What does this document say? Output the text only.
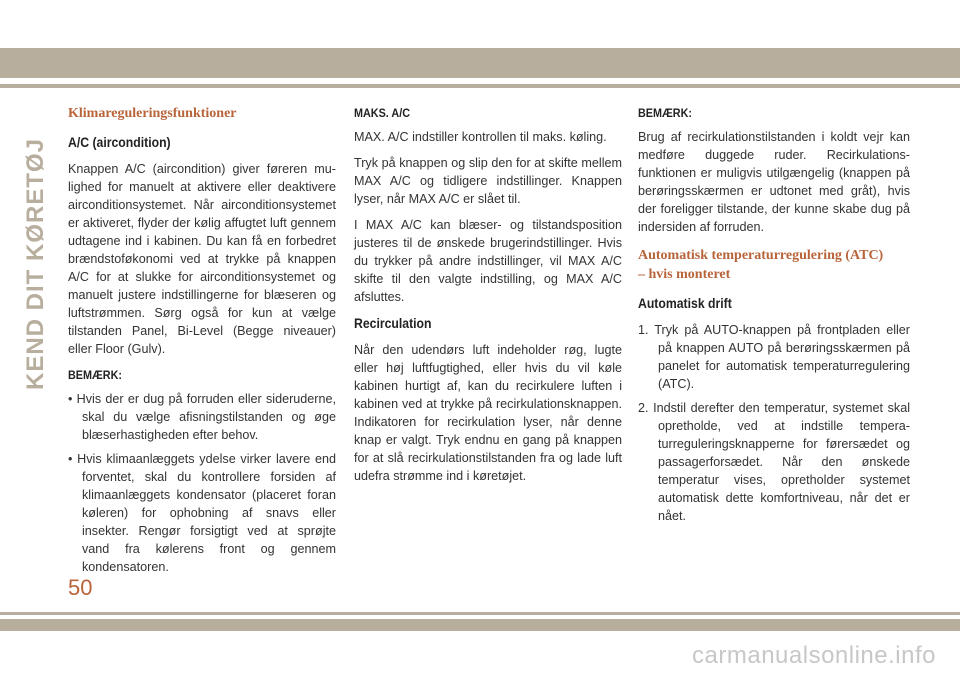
KEND DIT KØRETØJ
Klimareguleringsfunktioner
A/C (aircondition)

Knappen A/C (aircondition) giver føreren mulighed for manuelt at aktivere eller deaktivere airconditionsystemet. Når airconditionsystemet er aktiveret, flyder der kølig affugtet luft gennem udtagene ind i kabinen. Du kan få en forbedret brændstoføkonomi ved at trykke på knappen A/C for at slukke for airconditionsystemet og manuelt justere indstillingerne for blæseren og luftstrømmen. Sørg også for kun at vælge tilstanden Panel, Bi-Level (Begge niveauer) eller Floor (Gulv).

BEMÆRK:
• Hvis der er dug på forruden eller sideruderne, skal du vælge afisningstilstanden og øge blæserhastigheden efter behov.
• Hvis klimaanlæggets ydelse virker lavere end forventet, skal du kontrollere forsiden af klimaanlæggets kondensator (placeret foran køleren) for ophobning af snavs eller insekter. Rengør forsigtigt ved at sprøjte vand fra kølerens front og gennem kondensatoren.
MAKS. A/C

MAX. A/C indstiller kontrollen til maks. køling.

Tryk på knappen og slip den for at skifte mellem MAX A/C og tidligere indstillinger. Knappen lyser, når MAX A/C er slået til.

I MAX A/C kan blæser- og tilstandsposition justeres til de ønskede brugerindstillinger. Hvis du trykker på andre indstillinger, vil MAX A/C skifte til den valgte indstilling, og MAX A/C afsluttes.

Recirculation

Når den udendørs luft indeholder røg, lugte eller høj luftfugtighed, eller hvis du vil køle kabinen hurtigt af, kan du recirkulere luften i kabinen ved at trykke på recirkulationsknappen. Indikatoren for recirkulation lyser, når denne knap er valgt. Tryk endnu en gang på knappen for at slå recirkulationstilstanden fra og lade luft udefra strømme ind i køretøjet.

BEMÆRK:

Brug af recirkulationstilstanden i koldt vejr kan medføre duggede ruder. Recirkulationsfunktionen er muligvis utilgængelig (knappen på berøringsskærmen er udtonet med gråt), hvis der foreligger tilstande, der kunne skabe dug på indersiden af forruden.

Automatisk temperaturregulering (ATC)
– hvis monteret
Automatisk drift
1. Tryk på AUTO-knappen på frontpladen eller på knappen AUTO på berøringsskærmen på panelet for automatisk temperaturregulering (ATC).
2. Indstil derefter den temperatur, systemet skal opretholde, ved at indstille temperaturreguleringsknapperne for førersædet og passagerforsædet. Når den ønskede temperatur vises, opretholder systemet automatisk dette komfortniveau, når det er nået.
50
carmanualsonline.info
